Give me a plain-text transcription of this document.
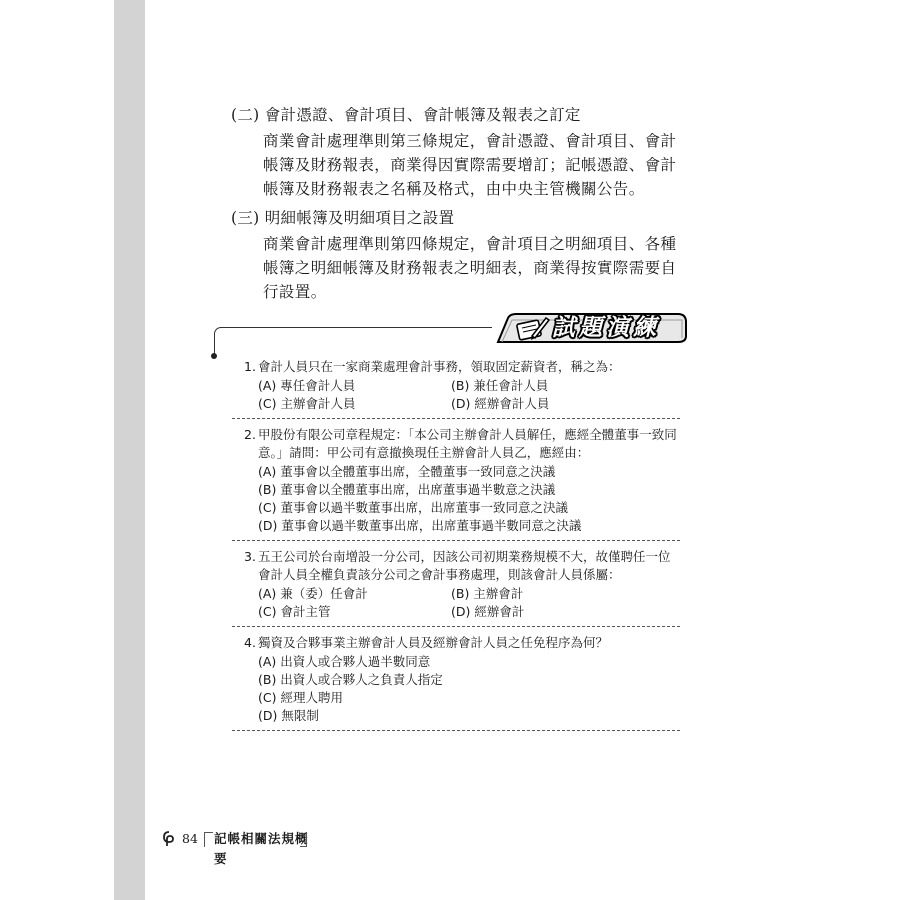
(二) 會計憑證、會計項目、會計帳簿及報表之訂定

商業會計處理準則第三條規定，會計憑證、會計項目、會計帳簿及財務報表，商業得因實際需要增訂；記帳憑證、會計帳簿及財務報表之名稱及格式，由中央主管機關公告。

(三) 明細帳簿及明細項目之設置

商業會計處理準則第四條規定，會計項目之明細項目、各種帳簿之明細帳簿及財務報表之明細表，商業得按實際需要自行設置。

試題演練
1. 會計人員只在一家商業處理會計事務，領取固定薪資者，稱之為：
(A) 專任會計人員	(B) 兼任會計人員
(C) 主辦會計人員	(D) 經辦會計人員
2. 甲股份有限公司章程規定：「本公司主辦會計人員解任，應經全體董事一致同意。」請問：甲公司有意撤換現任主辦會計人員乙，應經由：
(A) 董事會以全體董事出席，全體董事一致同意之決議
(B) 董事會以全體董事出席，出席董事過半數意之決議
(C) 董事會以過半數董事出席，出席董事一致同意之決議
(D) 董事會以過半數董事出席，出席董事過半數同意之決議
3. 五王公司於台南增設一分公司，因該公司初期業務規模不大，故僅聘任一位會計人員全權負責該分公司之會計事務處理，則該會計人員係屬：
(A) 兼（委）任會計	(B) 主辦會計
(C) 會計主管	(D) 經辦會計
4. 獨資及合夥事業主辦會計人員及經辦會計人員之任免程序為何？
(A) 出資人或合夥人過半數同意
(B) 出資人或合夥人之負責人指定
(C) 經理人聘用
(D) 無限制
84 記帳相關法規概要
